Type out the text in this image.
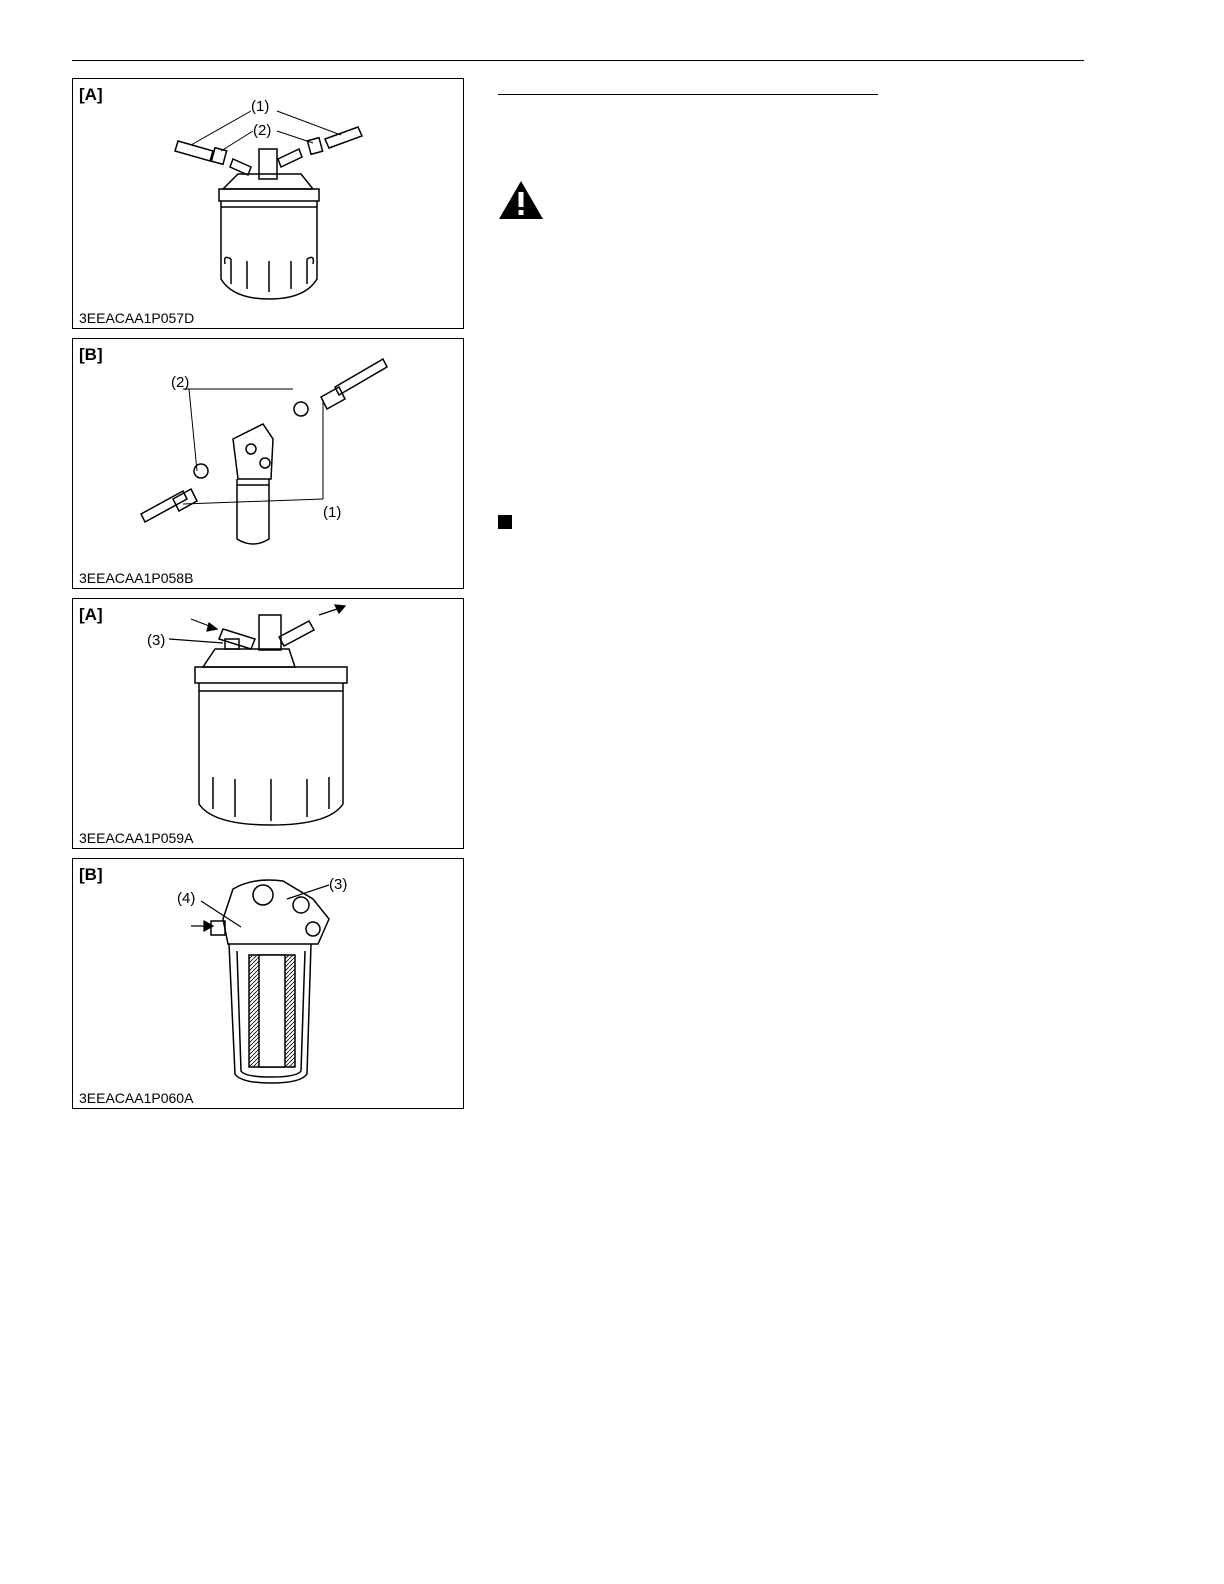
[A]
(1)
(2)
3EEACAA1P057D
[B]
(2)
(1)
3EEACAA1P058B
[A]
(3)
3EEACAA1P059A
[B]
(4)
(3)
3EEACAA1P060A
